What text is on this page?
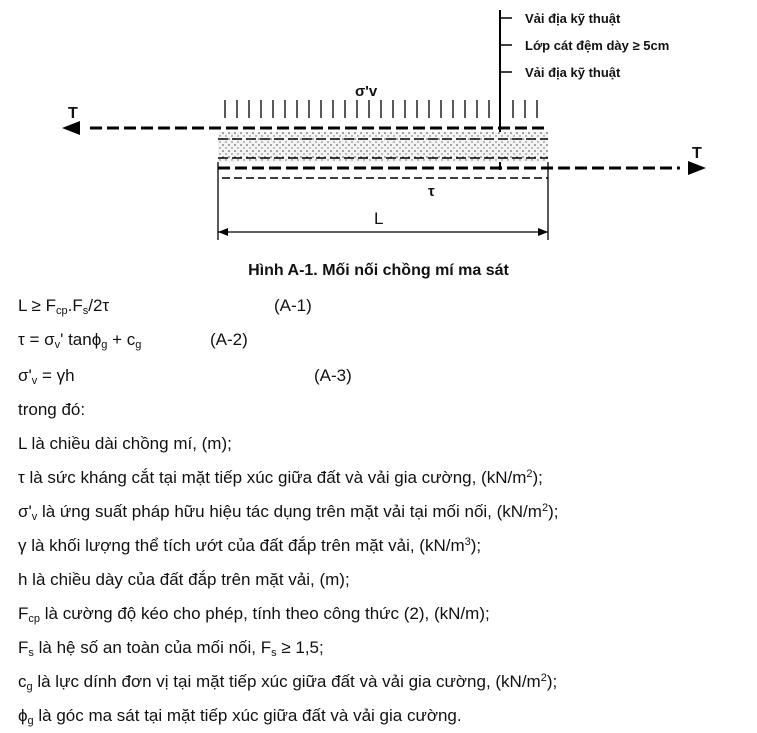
Vải địa kỹ thuật
Lớp cát đệm dày ≥ 5cm
Vải địa kỹ thuật
σ'v
T
T
τ
L
Hình A-1. Mối nối chồng mí ma sát
$L \ge F_{cp}.F_s/2\tau$	(A-1)
$\tau = \sigma_v'$ $\tan\phi_g + c_g$	(A-2)
$\sigma'_v = \gamma h$	(A-3)
trong đó:
L là chiều dài chồng mí, (m);
τ là sức kháng cắt tại mặt tiếp xúc giữa đất và vải gia cường, $(kN/m^2)$;
$\sigma'_v$ là ứng suất pháp hữu hiệu tác dụng trên mặt vải tại mối nối, $(kN/m^2)$;
γ là khối lượng thể tích ướt của đất đắp trên mặt vải, $(kN/m^3)$;
h là chiều dày của đất đắp trên mặt vải, (m);
$F_{cp}$ là cường độ kéo cho phép, tính theo công thức (2), (kN/m);
$F_s$ là hệ số an toàn của mối nối, $F_s \ge 1,5$;
$c_g$ là lực dính đơn vị tại mặt tiếp xúc giữa đất và vải gia cường, $(kN/m^2)$;
$\phi_g$ là góc ma sát tại mặt tiếp xúc giữa đất và vải gia cường.
